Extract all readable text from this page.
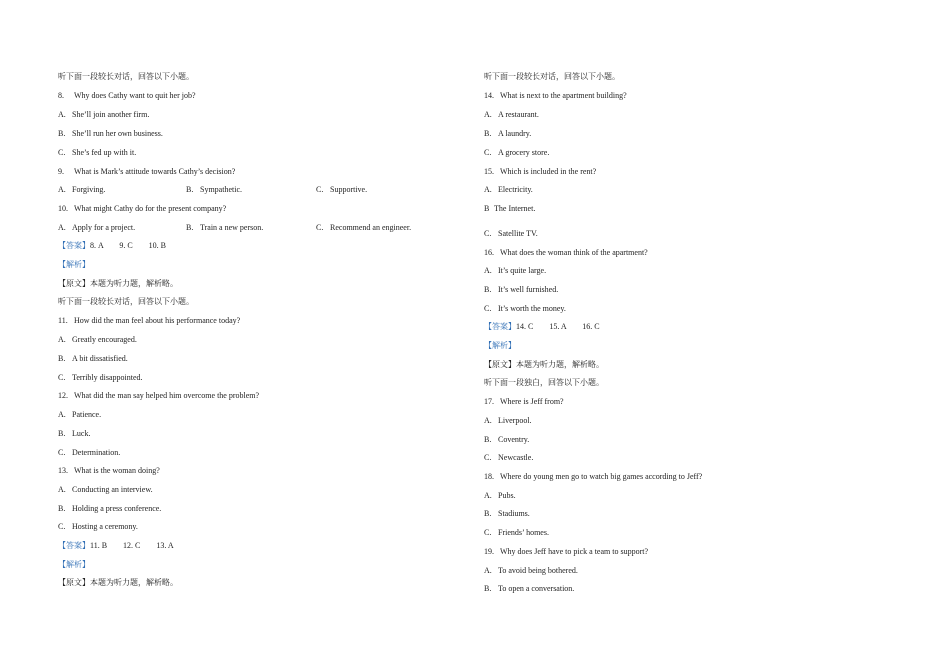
听下面一段较长对话，回答以下小题。
8. Why does Cathy want to quit her job?
A. She’ll join another firm.
B. She’ll run her own business.
C. She’s fed up with it.
9. What is Mark’s attitude towards Cathy’s decision?
A. Forgiving.	B. Sympathetic.	C. Supportive.
10. What might Cathy do for the present company?
A. Apply for a project.	B. Train a new person.	C. Recommend an engineer.
【答案】8. A        9. C        10. B
【解析】
【原文】本题为听力题，解析略。
听下面一段较长对话，回答以下小题。
11. How did the man feel about his performance today?
A. Greatly encouraged.
B. A bit dissatisfied.
C. Terribly disappointed.
12. What did the man say helped him overcome the problem?
A. Patience.
B. Luck.
C. Determination.
13. What is the woman doing?
A. Conducting an interview.
B. Holding a press conference.
C. Hosting a ceremony.
【答案】11. B        12. C        13. A
【解析】
【原文】本题为听力题，解析略。
听下面一段较长对话，回答以下小题。
14. What is next to the apartment building?
A. A restaurant.
B. A laundry.
C. A grocery store.
15. Which is included in the rent?
A. Electricity.
B The Internet.
C. Satellite TV.
16. What does the woman think of the apartment?
A. It’s quite large.
B. It’s well furnished.
C. It’s worth the money.
【答案】14. C        15. A        16. C
【解析】
【原文】本题为听力题，解析略。
听下面一段独白，回答以下小题。
17. Where is Jeff from?
A. Liverpool.
B. Coventry.
C. Newcastle.
18. Where do young men go to watch big games according to Jeff?
A. Pubs.
B. Stadiums.
C. Friends’ homes.
19. Why does Jeff have to pick a team to support?
A. To avoid being bothered.
B. To open a conversation.
